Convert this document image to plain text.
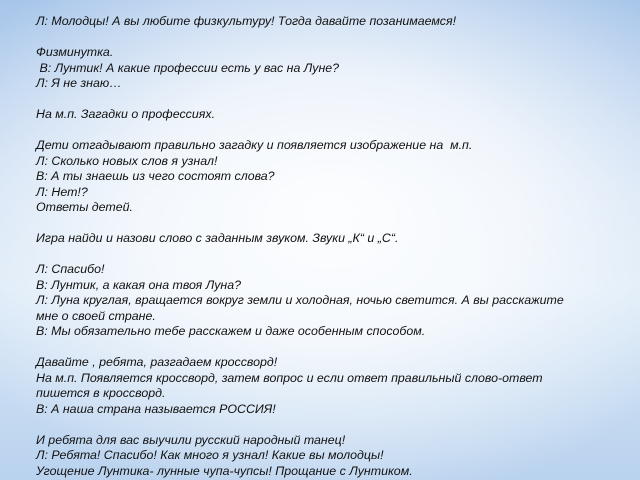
Л: Молодцы! А вы любите физкультуру! Тогда давайте позанимаемся!
Физминутка.
В: Лунтик! А какие профессии есть у вас на Луне?
Л: Я не знаю…
На м.п. Загадки о профессиях.
Дети отгадывают правильно загадку и появляется изображение на  м.п.
Л: Сколько новых слов я узнал!
В: А ты знаешь из чего состоят слова?
Л: Нет!?
Ответы детей.
Игра найди и назови слово с заданным звуком. Звуки „К“ и „С“.
Л: Спасибо!
В: Лунтик, а какая она твоя Луна?
Л: Луна круглая, вращается вокруг земли и холодная, ночью светится. А вы расскажите
мне о своей стране.
В: Мы обязательно тебе расскажем и даже особенным способом.
Давайте , ребята, разгадаем кроссворд!
На м.п. Появляется кроссворд, затем вопрос и если ответ правильный слово-ответ
пишется в кроссворд.
В: А наша страна называется РОССИЯ!
И ребята для вас выучили русский народный танец!
Л: Ребята! Спасибо! Как много я узнал! Какие вы молодцы!
Угощение Лунтика- лунные чупа-чупсы! Прощание с Лунтиком.
